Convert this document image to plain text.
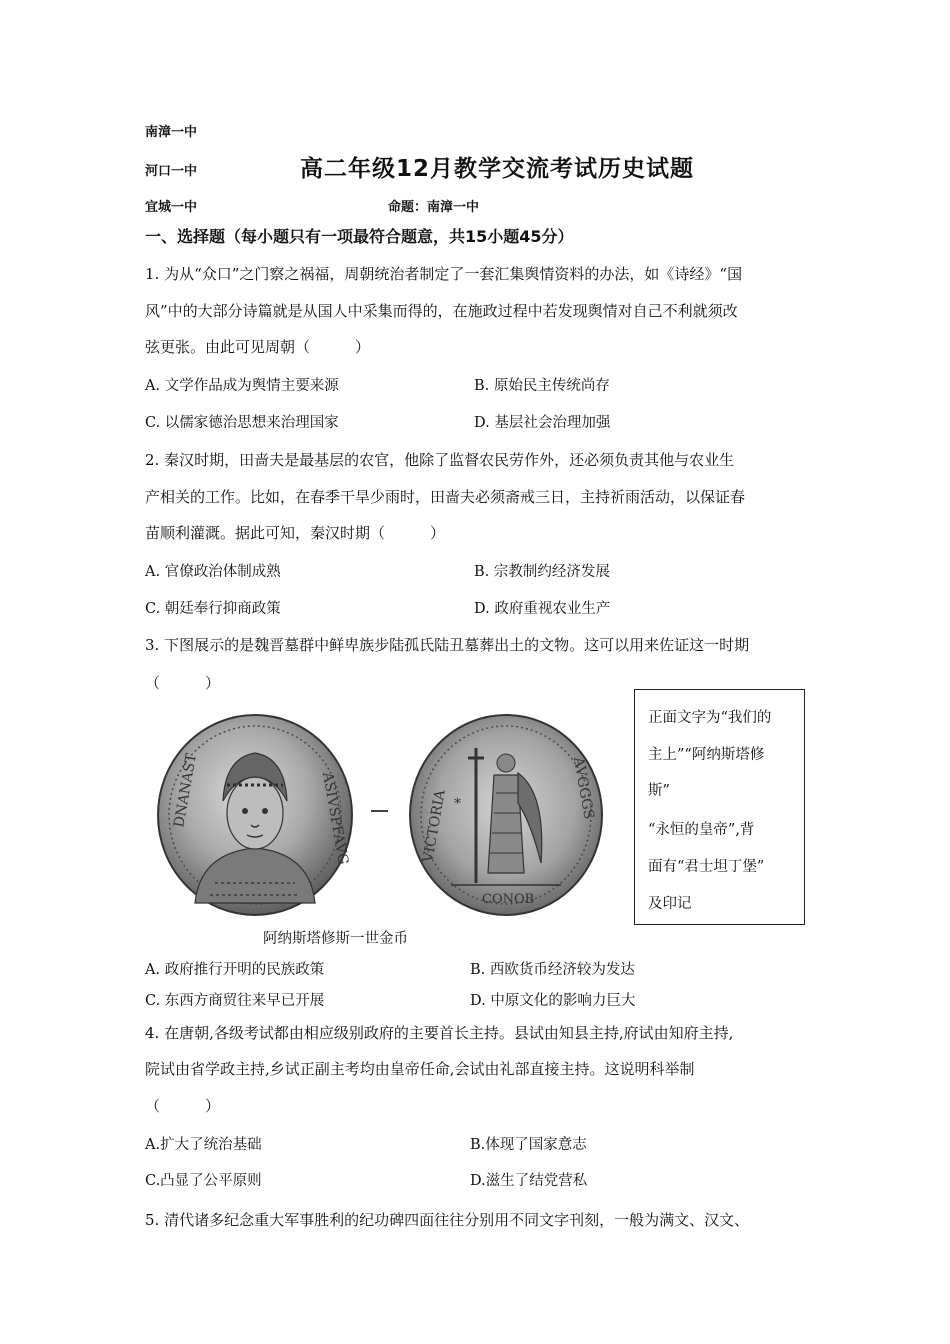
南漳一中
河口一中
宜城一中
高二年级12月教学交流考试历史试题
命题：南漳一中
一、选择题（每小题只有一项最符合题意，共15小题45分）
1. 为从“众口”之门察之祸福，周朝统治者制定了一套汇集舆情资料的办法，如《诗经》“国
风”中的大部分诗篇就是从国人中采集而得的，在施政过程中若发现舆情对自己不利就须改
弦更张。由此可见周朝（　　　）
A. 文学作品成为舆情主要来源	B. 原始民主传统尚存
C. 以儒家德治思想来治理国家	D. 基层社会治理加强
2. 秦汉时期，田啬夫是最基层的农官，他除了监督农民劳作外，还必须负责其他与农业生
产相关的工作。比如，在春季干旱少雨时，田啬夫必须斋戒三日，主持祈雨活动，以保证春
苗顺利灌溉。据此可知，秦汉时期（　　　）
A. 官僚政治体制成熟	B. 宗教制约经济发展
C. 朝廷奉行抑商政策	D. 政府重视农业生产
3. 下图展示的是魏晋墓群中鲜卑族步陆孤氏陆丑墓葬出土的文物。这可以用来佐证这一时期
（　　　）
DNANAST	ASIVSPFAVG	*
CONOB
VICTORIA
AVGGGS
阿纳斯塔修斯一世金币
正面文字为“我们的
主上”“阿纳斯塔修
斯”
“永恒的皇帝”,背
面有“君士坦丁堡”
及印记
A. 政府推行开明的民族政策	B. 西欧货币经济较为发达
C. 东西方商贸往来早已开展	D. 中原文化的影响力巨大
4. 在唐朝,各级考试都由相应级别政府的主要首长主持。县试由知县主持,府试由知府主持,
院试由省学政主持,乡试正副主考均由皇帝任命,会试由礼部直接主持。这说明科举制
（　　　）
A.扩大了统治基础	B.体现了国家意志
C.凸显了公平原则	D.滋生了结党营私
5. 清代诸多纪念重大军事胜利的纪功碑四面往往分别用不同文字刊刻，一般为满文、汉文、
